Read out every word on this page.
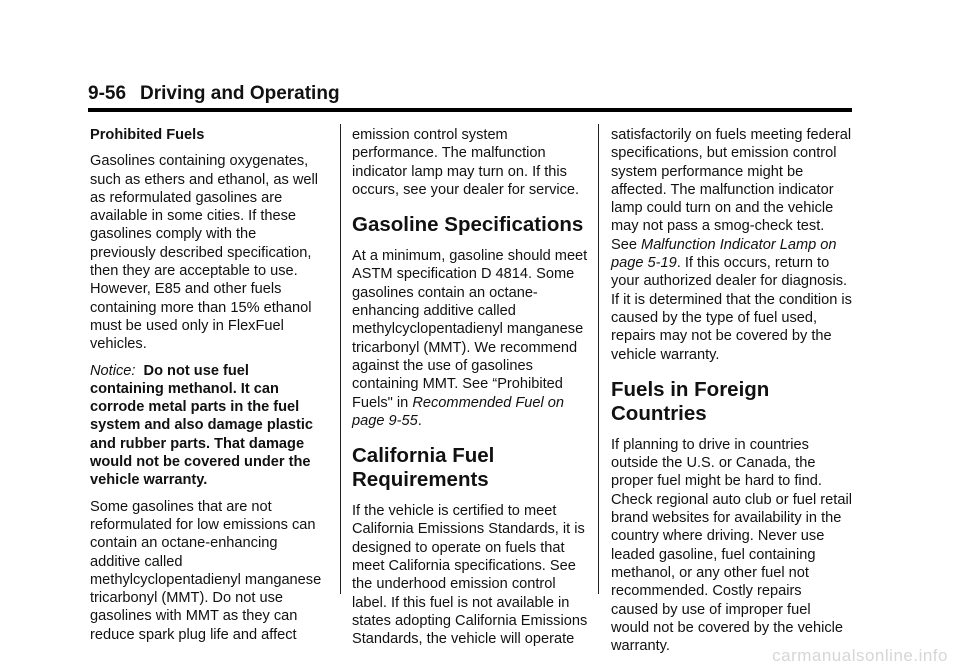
9-56 Driving and Operating

Prohibited Fuels

Gasolines containing oxygenates, such as ethers and ethanol, as well as reformulated gasolines are available in some cities. If these gasolines comply with the previously described specification, then they are acceptable to use. However, E85 and other fuels containing more than 15% ethanol must be used only in FlexFuel vehicles.

Notice: Do not use fuel containing methanol. It can corrode metal parts in the fuel system and also damage plastic and rubber parts. That damage would not be covered under the vehicle warranty.

Some gasolines that are not reformulated for low emissions can contain an octane-enhancing additive called methylcyclopentadienyl manganese tricarbonyl (MMT). Do not use gasolines with MMT as they can reduce spark plug life and affect

emission control system performance. The malfunction indicator lamp may turn on. If this occurs, see your dealer for service.

Gasoline Specifications

At a minimum, gasoline should meet ASTM specification D 4814. Some gasolines contain an octane-enhancing additive called methylcyclopentadienyl manganese tricarbonyl (MMT). We recommend against the use of gasolines containing MMT. See “Prohibited Fuels" in Recommended Fuel on page 9-55.

California Fuel Requirements

If the vehicle is certified to meet California Emissions Standards, it is designed to operate on fuels that meet California specifications. See the underhood emission control label. If this fuel is not available in states adopting California Emissions Standards, the vehicle will operate

satisfactorily on fuels meeting federal specifications, but emission control system performance might be affected. The malfunction indicator lamp could turn on and the vehicle may not pass a smog-check test. See Malfunction Indicator Lamp on page 5-19. If this occurs, return to your authorized dealer for diagnosis. If it is determined that the condition is caused by the type of fuel used, repairs may not be covered by the vehicle warranty.

Fuels in Foreign Countries

If planning to drive in countries outside the U.S. or Canada, the proper fuel might be hard to find. Check regional auto club or fuel retail brand websites for availability in the country where driving. Never use leaded gasoline, fuel containing methanol, or any other fuel not recommended. Costly repairs caused by use of improper fuel would not be covered by the vehicle warranty.	carmanualsonline.info
